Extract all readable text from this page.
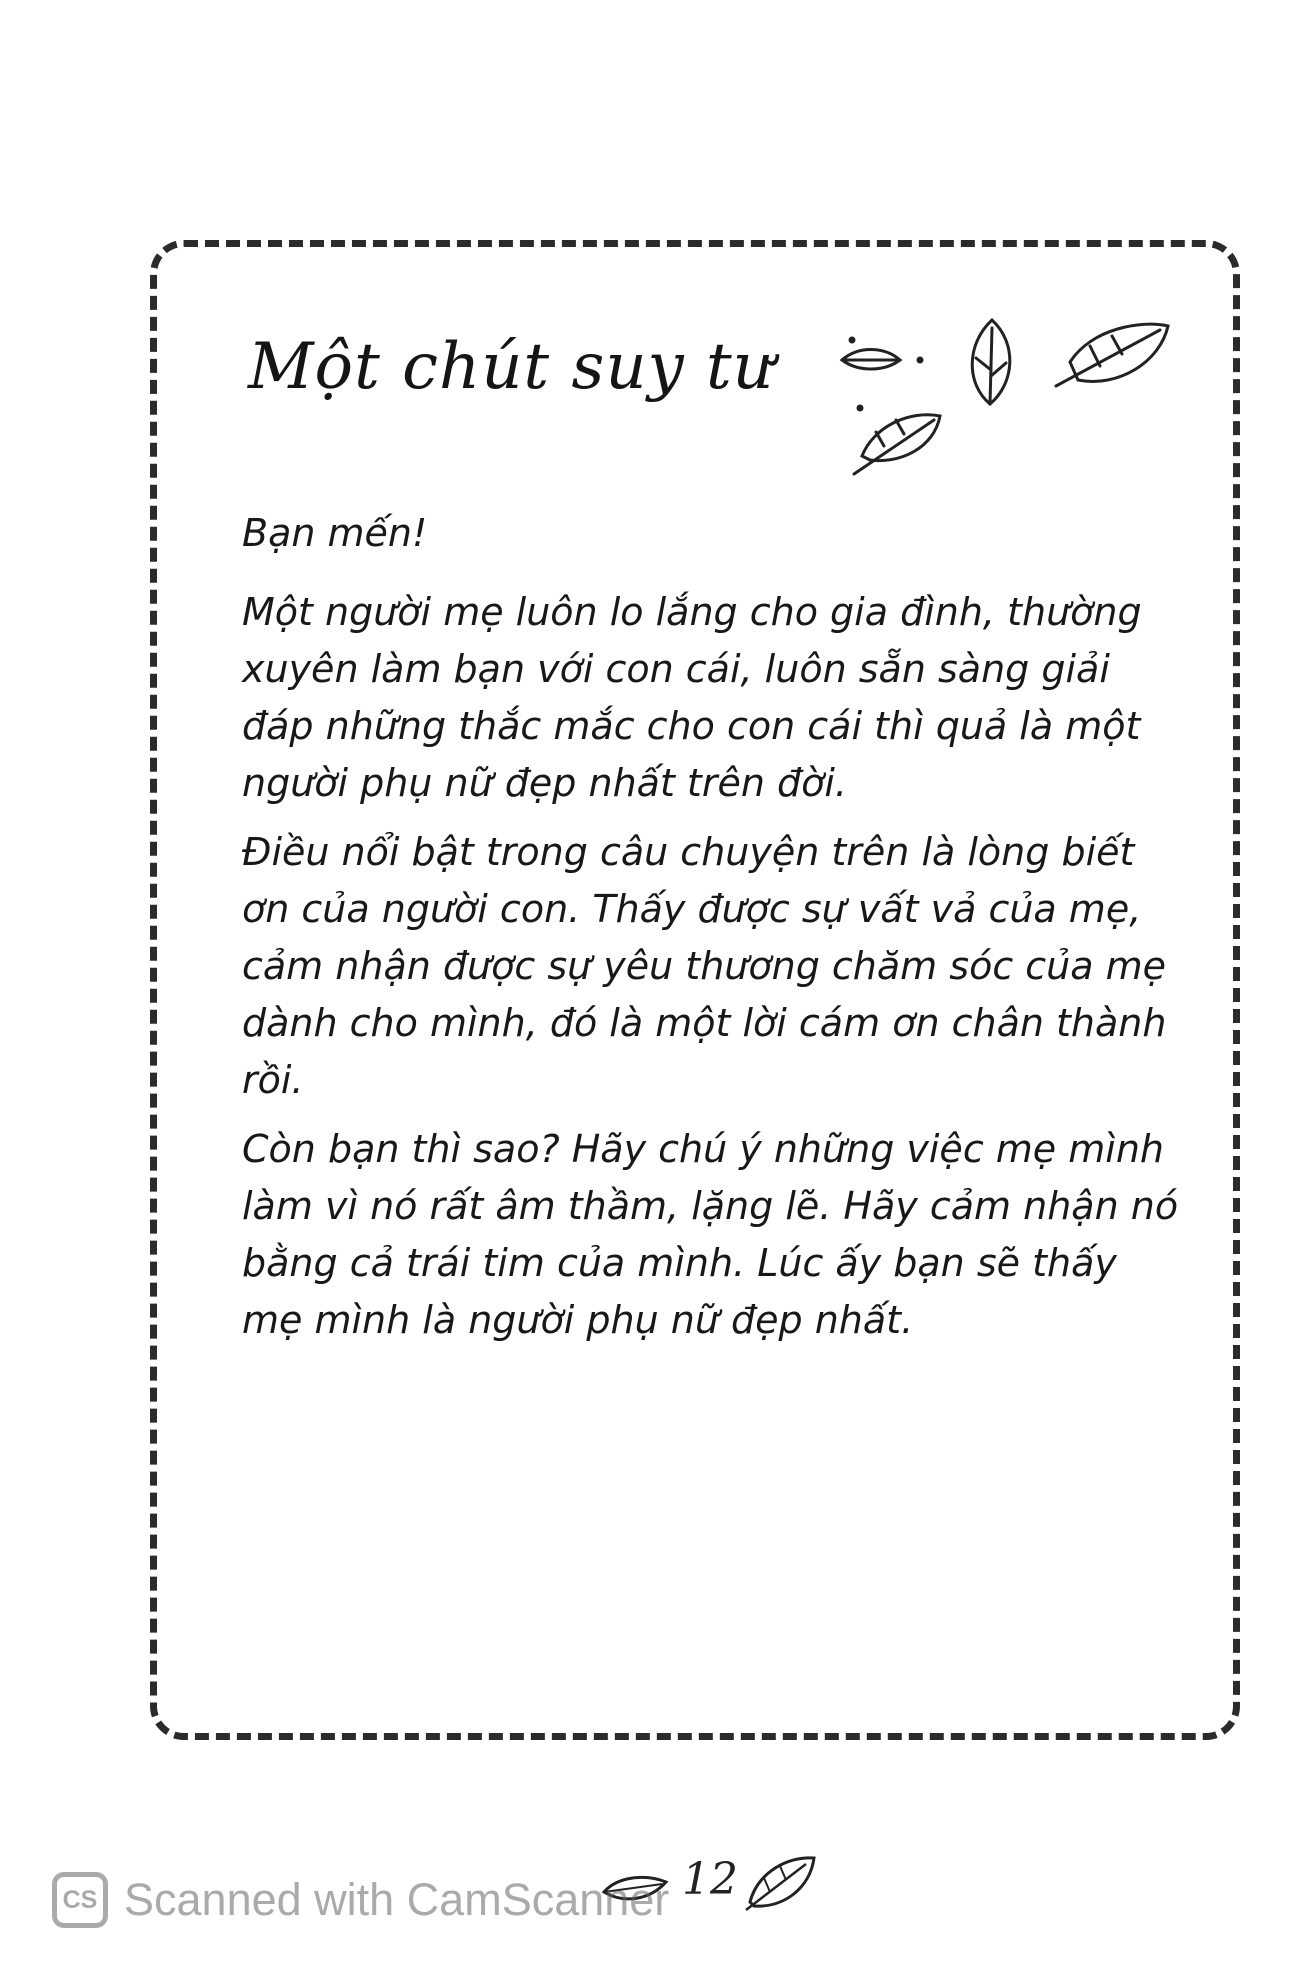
Một chút suy tư

Bạn mến!

Một người mẹ luôn lo lắng cho gia đình, thường xuyên làm bạn với con cái, luôn sẵn sàng giải đáp những thắc mắc cho con cái thì quả là một người phụ nữ đẹp nhất trên đời.

Điều nổi bật trong câu chuyện trên là lòng biết ơn của người con. Thấy được sự vất vả của mẹ, cảm nhận được sự yêu thương chăm sóc của mẹ dành cho mình, đó là một lời cám ơn chân thành rồi.

Còn bạn thì sao? Hãy chú ý những việc mẹ mình làm vì nó rất âm thầm, lặng lẽ. Hãy cảm nhận nó bằng cả trái tim của mình. Lúc ấy bạn sẽ thấy mẹ mình là người phụ nữ đẹp nhất.

12
CS Scanned with CamScanner
